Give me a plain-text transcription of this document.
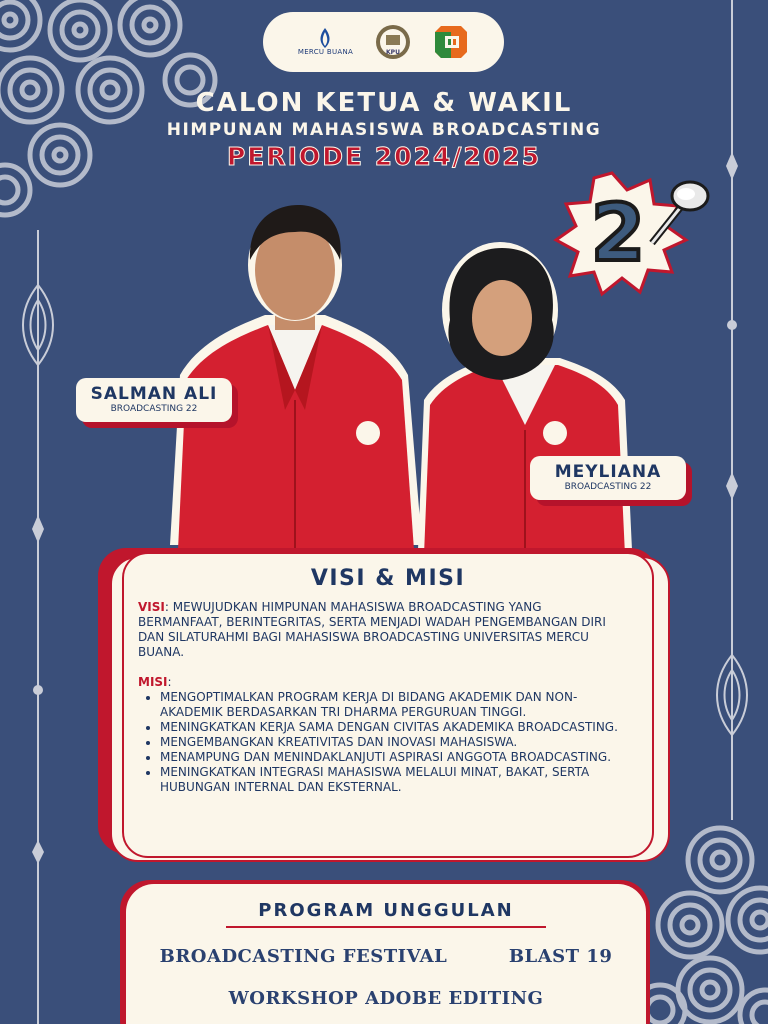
MERCU BUANA	KPU
CALON KETUA & WAKIL
HIMPUNAN MAHASISWA BROADCASTING
PERIODE 2024/2025
2
SALMAN ALI
BROADCASTING 22
MEYLIANA
BROADCASTING 22
VISI & MISI
VISI: MEWUJUDKAN HIMPUNAN MAHASISWA BROADCASTING YANG BERMANFAAT, BERINTEGRITAS, SERTA MENJADI WADAH PENGEMBANGAN DIRI DAN SILATURAHMI BAGI MAHASISWA BROADCASTING UNIVERSITAS MERCU BUANA.
MISI:
• MENGOPTIMALKAN PROGRAM KERJA DI BIDANG AKADEMIK DAN NON-AKADEMIK BERDASARKAN TRI DHARMA PERGURUAN TINGGI.
• MENINGKATKAN KERJA SAMA DENGAN CIVITAS AKADEMIKA BROADCASTING.
• MENGEMBANGKAN KREATIVITAS DAN INOVASI MAHASISWA.
• MENAMPUNG DAN MENINDAKLANJUTI ASPIRASI ANGGOTA BROADCASTING.
• MENINGKATKAN INTEGRASI MAHASISWA MELALUI MINAT, BAKAT, SERTA HUBUNGAN INTERNAL DAN EKSTERNAL.
PROGRAM UNGGULAN
BROADCASTING FESTIVAL	BLAST 19
WORKSHOP ADOBE EDITING
